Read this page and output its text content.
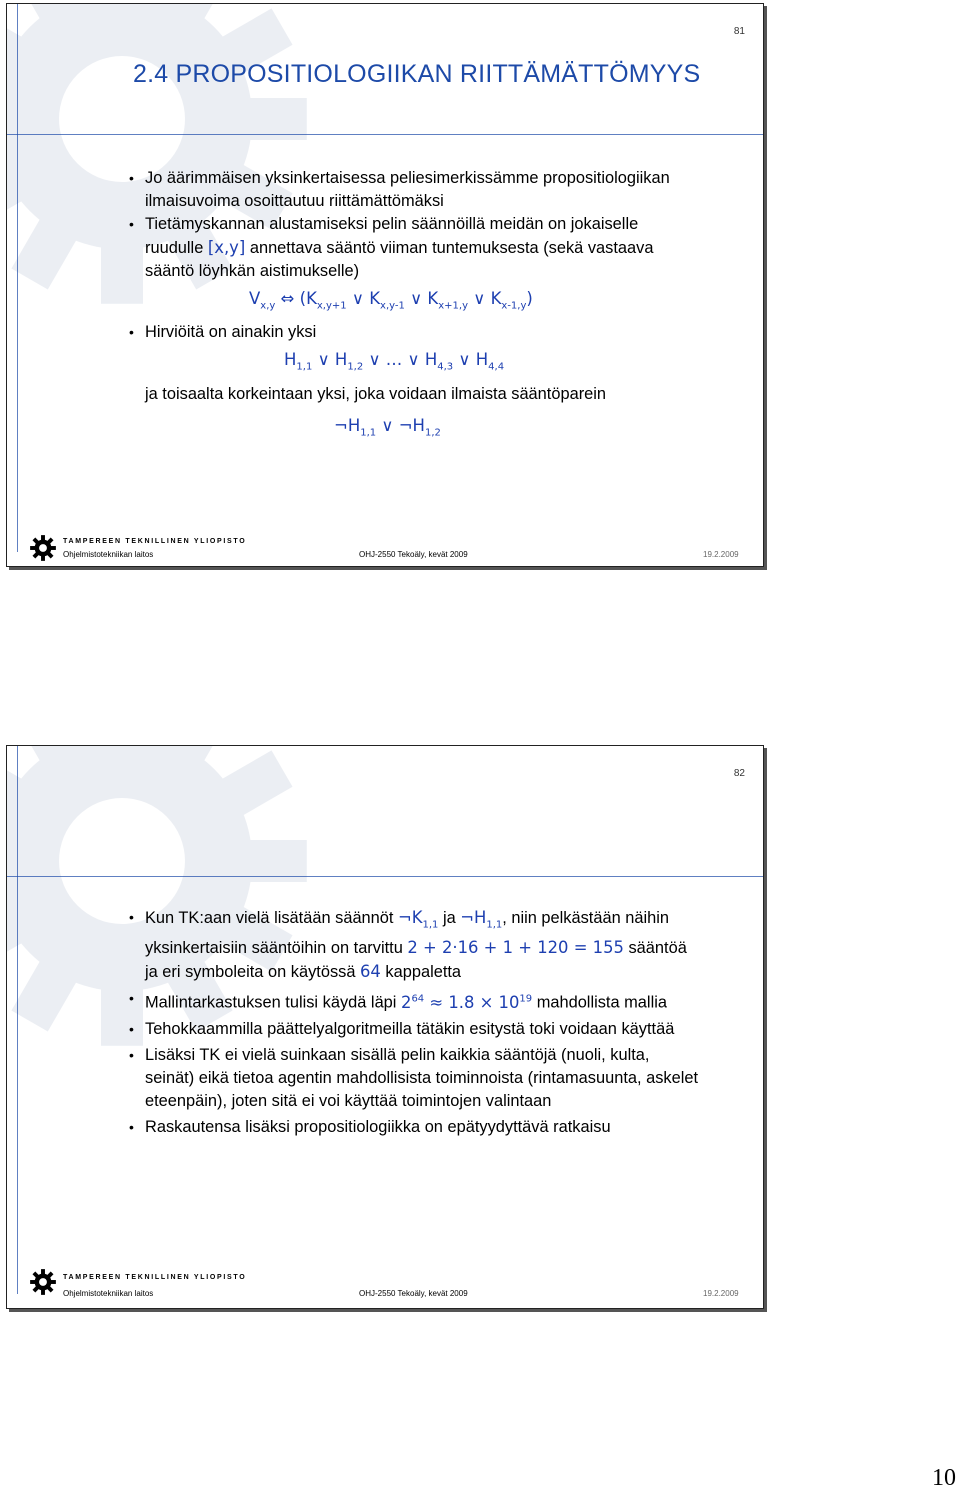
81
2.4 PROPOSITIOLOGIIKAN RIITTÄMÄTTÖMYYS

• Jo äärimmäisen yksinkertaisessa peliesimerkissämme propositiologiikan ilmaisuvoima osoittautuu riittämättömäksi

• Tietämyskannan alustamiseksi pelin säännöillä meidän on jokaiselle ruudulle [x,y] annettava sääntö viiman tuntemuksesta (sekä vastaava sääntö löyhkän aistimukselle)

$V_{x,y}$ ⇔ ($K_{x,y+1}$ ∨ $K_{x,y-1}$ ∨ $K_{x+1,y}$ ∨ $K_{x-1,y}$)

• Hirviöitä on ainakin yksi

$H_{1,1}$ ∨ $H_{1,2}$ ∨ … ∨ $H_{4,3}$ ∨ $H_{4,4}$

ja toisaalta korkeintaan yksi, joka voidaan ilmaista sääntöparein

$\neg H_{1,1}$ ∨ $\neg H_{1,2}$
TAMPEREEN TEKNILLINEN YLIOPISTO
Ohjelmistotekniikan laitos	OHJ-2550 Tekoäly, kevät 2009	19.2.2009
82

• Kun TK:aan vielä lisätään säännöt $\neg K_{1,1}$ ja $\neg H_{1,1}$, niin pelkästään näihin yksinkertaisiin sääntöihin on tarvittu 2 + 2·16 + 1 + 120 = 155 sääntöä ja eri symboleita on käytössä 64 kappaletta

• Mallintarkastuksen tulisi käydä läpi $2^{64} \approx 1.8 \times 10^{19}$ mahdollista mallia

• Tehokkaammilla päättelyalgoritmeilla tätäkin esitystä toki voidaan käyttää

• Lisäksi TK ei vielä suinkaan sisällä pelin kaikkia sääntöjä (nuoli, kulta, seinät) eikä tietoa agentin mahdollisista toiminnoista (rintamasuunta, askelet eteenpäin), joten sitä ei voi käyttää toimintojen valintaan

• Raskautensa lisäksi propositiologiikka on epätyydyttävä ratkaisu

TAMPEREEN TEKNILLINEN YLIOPISTO
Ohjelmistotekniikan laitos	OHJ-2550 Tekoäly, kevät 2009	19.2.2009
10
